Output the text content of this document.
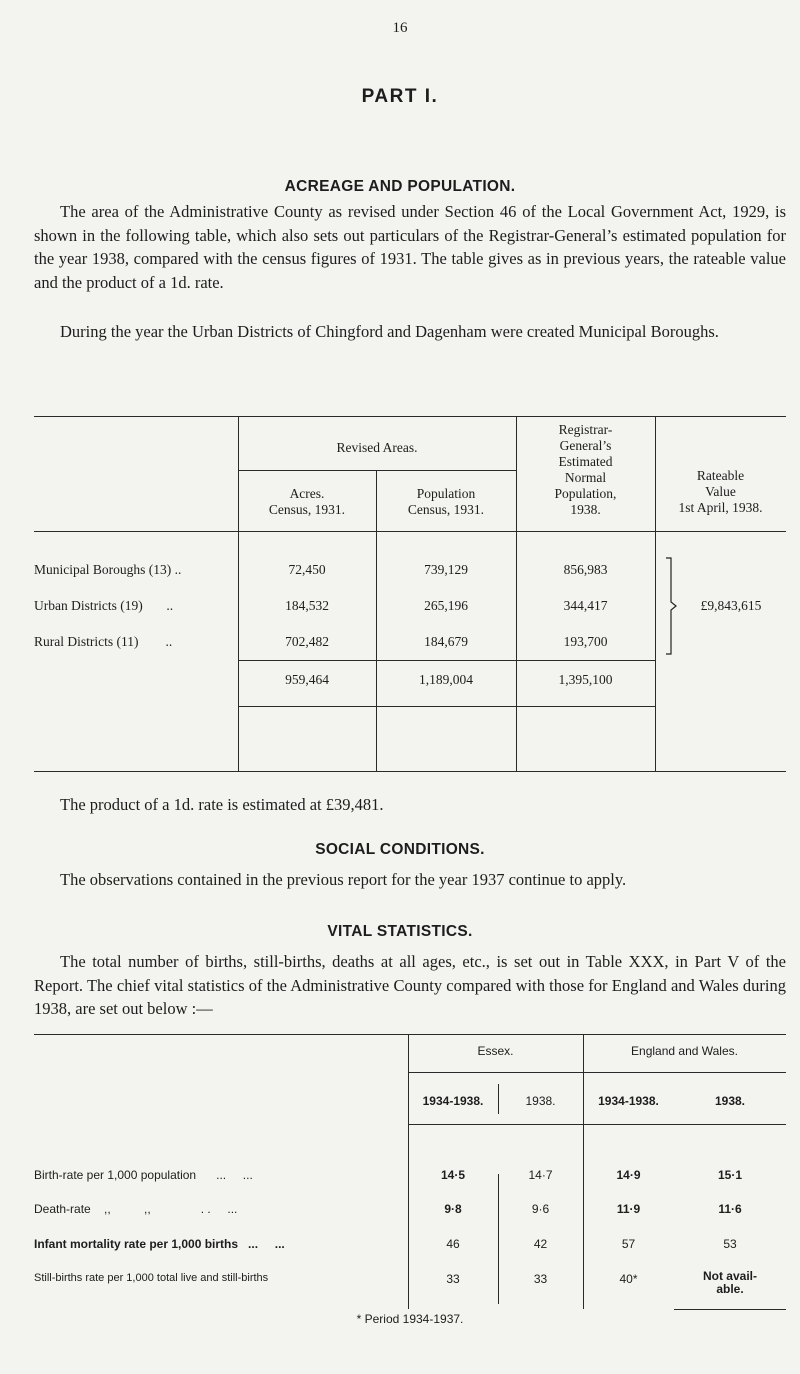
16
PART I.
ACREAGE AND POPULATION.
The area of the Administrative County as revised under Section 46 of the Local Government Act, 1929, is shown in the following table, which also sets out particulars of the Registrar-General’s estimated population for the year 1938, compared with the census figures of 1931. The table gives as in previous years, the rateable value and the product of a 1d. rate.
During the year the Urban Districts of Chingford and Dagenham were created Municipal Boroughs.
Revised Areas.
Acres.
Census, 1931.
Population
Census, 1931.
Registrar-
General’s
Estimated
Normal
Population,
1938.
Rateable
Value
1st April, 1938.
Municipal Boroughs (13) ..	72,450	739,129	856,983
Urban Districts (19)       ..	184,532	265,196	344,417
Rural Districts (11)        ..	702,482	184,679	193,700
959,464	1,189,004	1,395,100
£9,843,615
The product of a 1d. rate is estimated at £39,481.
SOCIAL CONDITIONS.
The observations contained in the previous report for the year 1937 continue to apply.
VITAL STATISTICS.
The total number of births, still-births, deaths at all ages, etc., is set out in Table XXX, in Part V of the Report. The chief vital statistics of the Administrative County compared with those for England and Wales during 1938, are set out below :—
Essex.	England and Wales.
1934-1938.	1938.	1934-1938.	1938.
Birth-rate per 1,000 population      ...     ...	14·5	14·7	14·9	15·1
Death-rate    ,,          ,,               . .     ...	9·8	9·6	11·9	11·6
Infant mortality rate per 1,000 births   ...     ...	46	42	57	53
Still-births rate per 1,000 total live and still-births	33	33	40*	Not avail-
able.
* Period 1934-1937.
